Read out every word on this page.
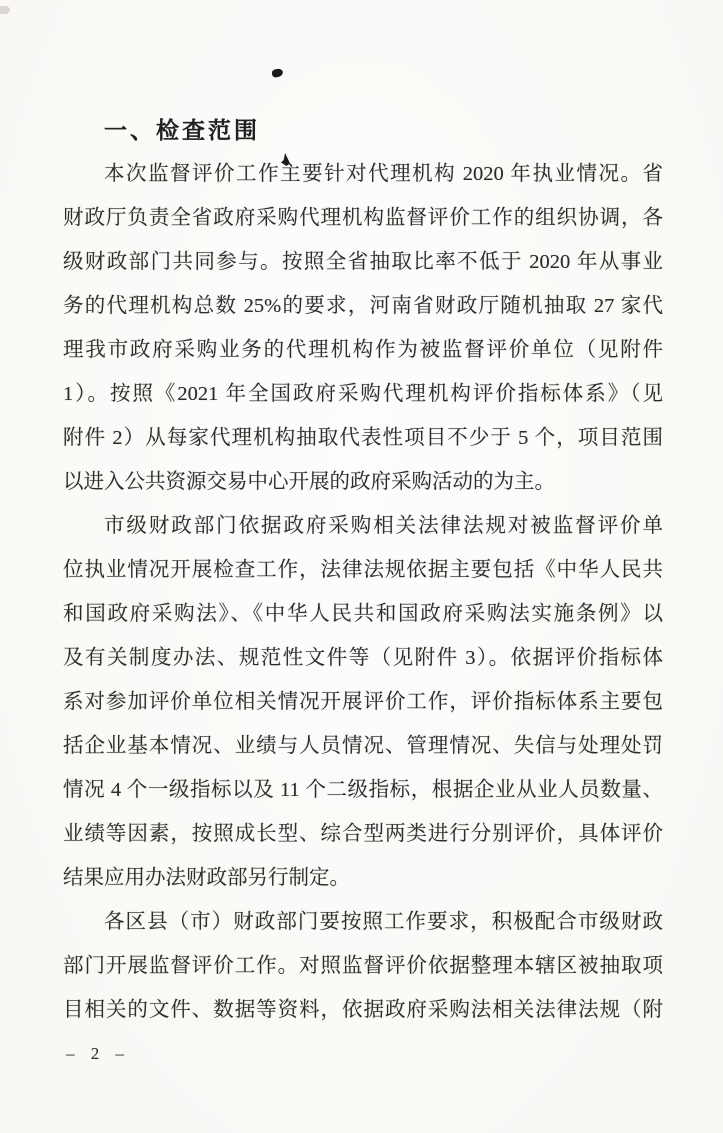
一、检查范围
本次监督评价工作主要针对代理机构 2020 年执业情况。省
财政厅负责全省政府采购代理机构监督评价工作的组织协调，各
级财政部门共同参与。按照全省抽取比率不低于 2020 年从事业
务的代理机构总数 25%的要求，河南省财政厅随机抽取 27 家代
理我市政府采购业务的代理机构作为被监督评价单位（见附件
1）。按照《2021 年全国政府采购代理机构评价指标体系》（见
附件 2）从每家代理机构抽取代表性项目不少于 5 个，项目范围
以进入公共资源交易中心开展的政府采购活动的为主。
市级财政部门依据政府采购相关法律法规对被监督评价单
位执业情况开展检查工作，法律法规依据主要包括《中华人民共
和国政府采购法》、《中华人民共和国政府采购法实施条例》以
及有关制度办法、规范性文件等（见附件 3）。依据评价指标体
系对参加评价单位相关情况开展评价工作，评价指标体系主要包
括企业基本情况、业绩与人员情况、管理情况、失信与处理处罚
情况 4 个一级指标以及 11 个二级指标，根据企业从业人员数量、
业绩等因素，按照成长型、综合型两类进行分别评价，具体评价
结果应用办法财政部另行制定。
各区县（市）财政部门要按照工作要求，积极配合市级财政
部门开展监督评价工作。对照监督评价依据整理本辖区被抽取项
目相关的文件、数据等资料，依据政府采购法相关法律法规（附
– 2 –
